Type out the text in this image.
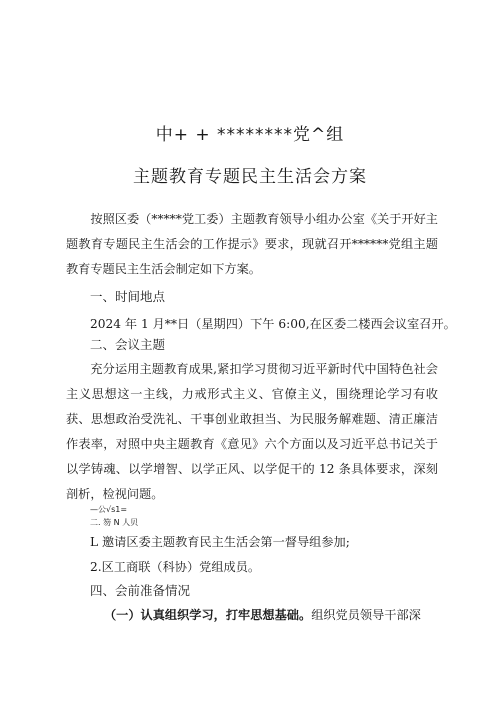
中+ + ********党^组
主题教育专题民主生活会方案
按照区委（*****党工委）主题教育领导小组办公室《关于开好主题教育专题民主生活会的工作提示》要求，现就召开******党组主题教育专题民主生活会制定如下方案。
一、时间地点
2024 年 1 月**日（星期四）下午 6:00,在区委二楼西会议室召开。
二、会议主题
充分运用主题教育成果,紧扣学习贯彻习近平新时代中国特色社会主义思想这一主线，力戒形式主义、官僚主义，围绕理论学习有收获、思想政治受洗礼、干事创业敢担当、为民服务解难题、清正廉洁作表率，对照中央主题教育《意见》六个方面以及习近平总书记关于以学铸魂、以学增智、以学正风、以学促干的 12 条具体要求，深刻剖析，检视问题。
—公√s1=
二. 笏 N 人贝
L 邀请区委主题教育民主生活会第一督导组参加;
2.区工商联（科协）党组成员。
四、会前准备情况
（一）认真组织学习，打牢思想基础。组织党员领导干部深
